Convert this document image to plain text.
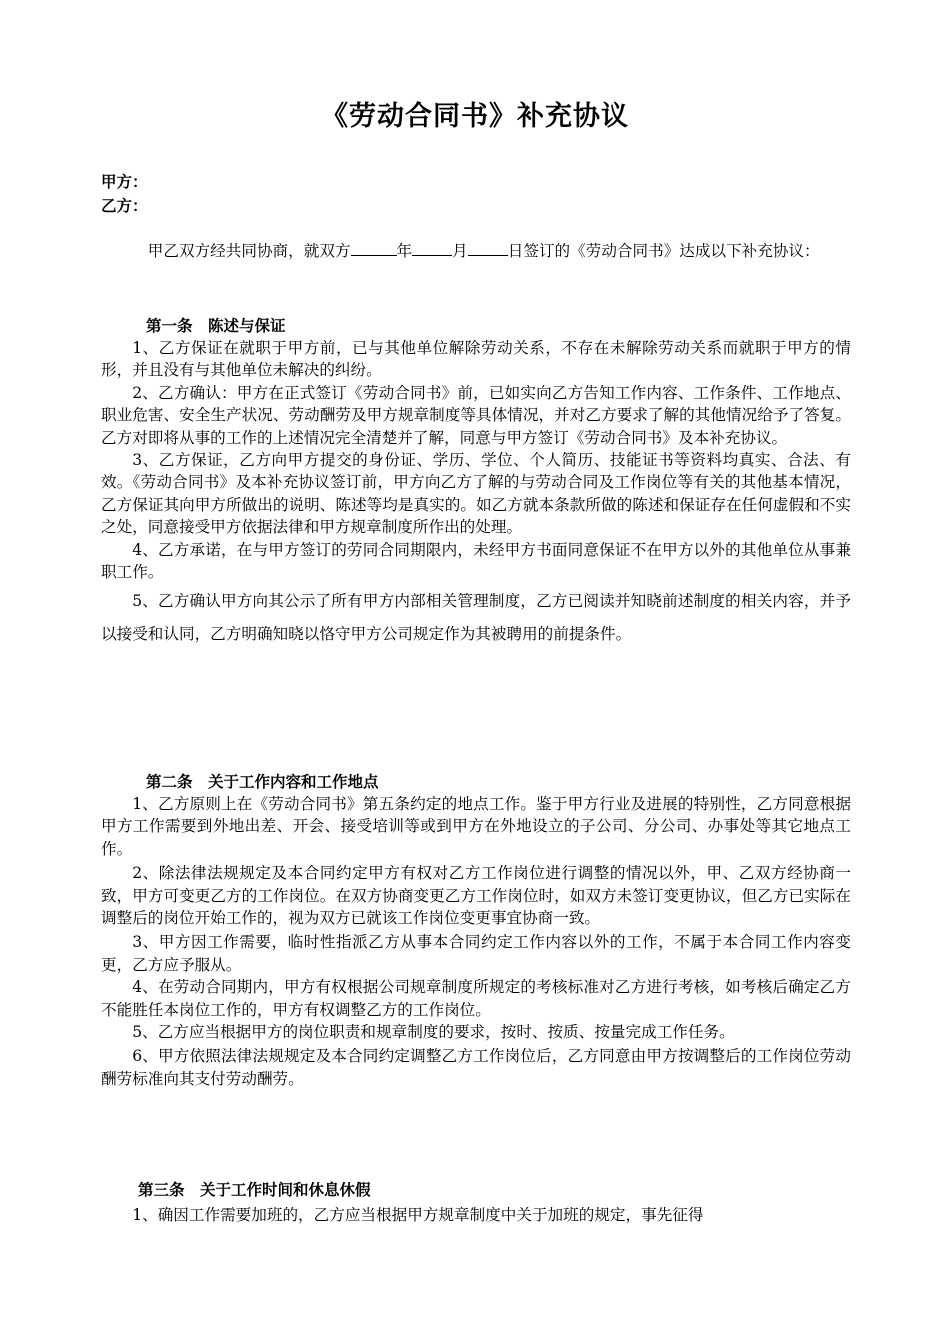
《劳动合同书》补充协议
甲方：
乙方：

甲乙双方经共同协商，就双方	年	月	日签订的《劳动合同书》达成以下补充协议：

第一条　陈述与保证

1、乙方保证在就职于甲方前，已与其他单位解除劳动关系，不存在未解除劳动关系而就职于甲方的情形，并且没有与其他单位未解决的纠纷。

2、乙方确认：甲方在正式签订《劳动合同书》前，已如实向乙方告知工作内容、工作条件、工作地点、职业危害、安全生产状况、劳动酬劳及甲方规章制度等具体情况，并对乙方要求了解的其他情况给予了答复。乙方对即将从事的工作的上述情况完全清楚并了解，同意与甲方签订《劳动合同书》及本补充协议。

3、乙方保证，乙方向甲方提交的身份证、学历、学位、个人简历、技能证书等资料均真实、合法、有效。《劳动合同书》及本补充协议签订前，甲方向乙方了解的与劳动合同及工作岗位等有关的其他基本情况，乙方保证其向甲方所做出的说明、陈述等均是真实的。如乙方就本条款所做的陈述和保证存在任何虚假和不实之处，同意接受甲方依据法律和甲方规章制度所作出的处理。

4、乙方承诺，在与甲方签订的劳同合同期限内，未经甲方书面同意保证不在甲方以外的其他单位从事兼职工作。

5、乙方确认甲方向其公示了所有甲方内部相关管理制度，乙方已阅读并知晓前述制度的相关内容，并予以接受和认同，乙方明确知晓以恪守甲方公司规定作为其被聘用的前提条件。

第二条　关于工作内容和工作地点

1、乙方原则上在《劳动合同书》第五条约定的地点工作。鉴于甲方行业及进展的特别性，乙方同意根据甲方工作需要到外地出差、开会、接受培训等或到甲方在外地设立的子公司、分公司、办事处等其它地点工作。

2、除法律法规规定及本合同约定甲方有权对乙方工作岗位进行调整的情况以外，甲、乙双方经协商一致，甲方可变更乙方的工作岗位。在双方协商变更乙方工作岗位时，如双方未签订变更协议，但乙方已实际在调整后的岗位开始工作的，视为双方已就该工作岗位变更事宜协商一致。

3、甲方因工作需要，临时性指派乙方从事本合同约定工作内容以外的工作，不属于本合同工作内容变更，乙方应予服从。

4、在劳动合同期内，甲方有权根据公司规章制度所规定的考核标准对乙方进行考核，如考核后确定乙方不能胜任本岗位工作的，甲方有权调整乙方的工作岗位。

5、乙方应当根据甲方的岗位职责和规章制度的要求，按时、按质、按量完成工作任务。

6、甲方依照法律法规规定及本合同约定调整乙方工作岗位后，乙方同意由甲方按调整后的工作岗位劳动酬劳标准向其支付劳动酬劳。

第三条　关于工作时间和休息休假

1、确因工作需要加班的，乙方应当根据甲方规章制度中关于加班的规定，事先征得
